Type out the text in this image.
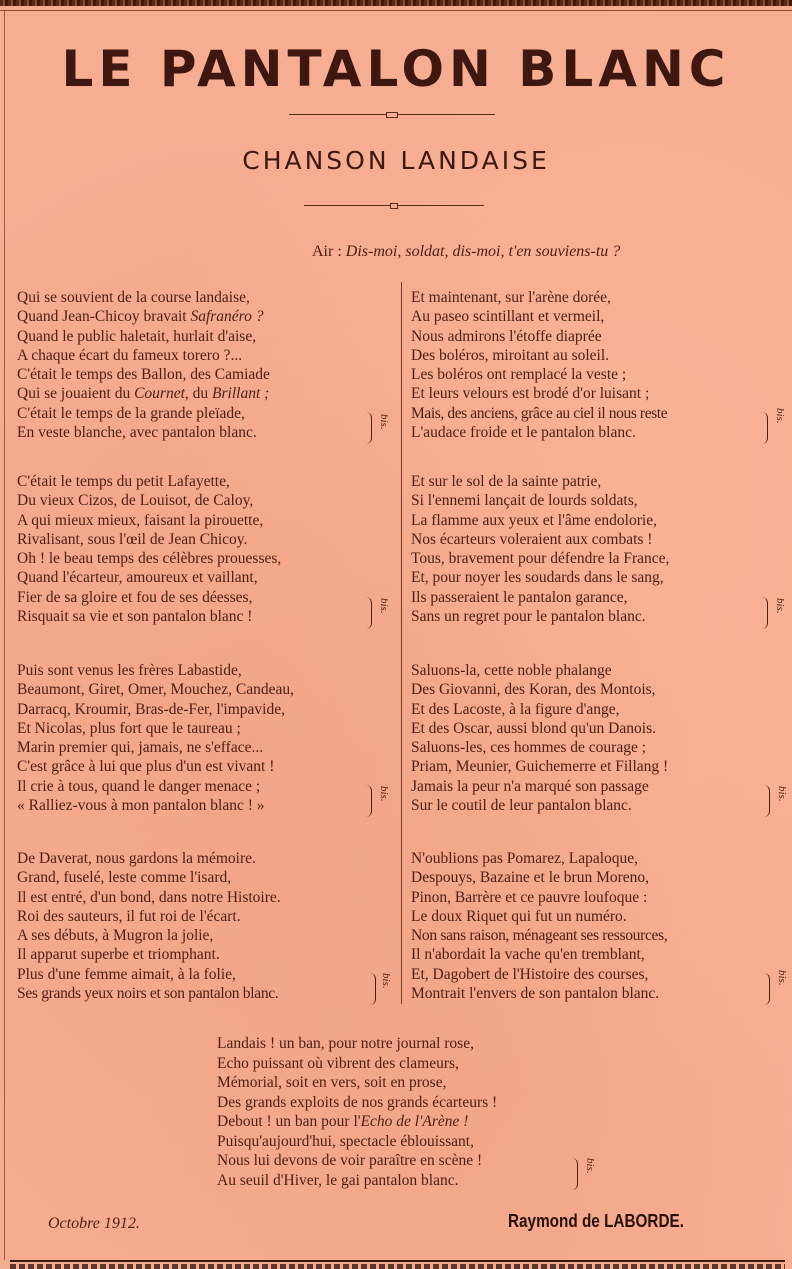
LE PANTALON BLANC
CHANSON LANDAISE
Air : Dis-moi, soldat, dis-moi, t'en souviens-tu ?
Qui se souvient de la course landaise,
Quand Jean-Chicoy bravait Safranéro ?
Quand le public haletait, hurlait d'aise,
A chaque écart du fameux torero ?...
C'était le temps des Ballon, des Camiade
Qui se jouaient du Cournet, du Brillant ;
C'était le temps de la grande pleïade,
En veste blanche, avec pantalon blanc.
bis.
C'était le temps du petit Lafayette,
Du vieux Cizos, de Louisot, de Caloy,
A qui mieux mieux, faisant la pirouette,
Rivalisant, sous l'œil de Jean Chicoy.
Oh ! le beau temps des célèbres prouesses,
Quand l'écarteur, amoureux et vaillant,
Fier de sa gloire et fou de ses déesses,
Risquait sa vie et son pantalon blanc !
bis.
Puis sont venus les frères Labastide,
Beaumont, Giret, Omer, Mouchez, Candeau,
Darracq, Kroumir, Bras-de-Fer, l'impavide,
Et Nicolas, plus fort que le taureau ;
Marin premier qui, jamais, ne s'efface...
C'est grâce à lui que plus d'un est vivant !
Il crie à tous, quand le danger menace ;
« Ralliez-vous à mon pantalon blanc ! »
bis.
De Daverat, nous gardons la mémoire.
Grand, fuselé, leste comme l'isard,
Il est entré, d'un bond, dans notre Histoire.
Roi des sauteurs, il fut roi de l'écart.
A ses débuts, à Mugron la jolie,
Il apparut superbe et triomphant.
Plus d'une femme aimait, à la folie,
Ses grands yeux noirs et son pantalon blanc.
bis.
Et maintenant, sur l'arène dorée,
Au paseo scintillant et vermeil,
Nous admirons l'étoffe diaprée
Des boléros, miroitant au soleil.
Les boléros ont remplacé la veste ;
Et leurs velours est brodé d'or luisant ;
Mais, des anciens, grâce au ciel il nous reste
L'audace froide et le pantalon blanc.
bis.
Et sur le sol de la sainte patrie,
Si l'ennemi lançait de lourds soldats,
La flamme aux yeux et l'âme endolorie,
Nos écarteurs voleraient aux combats !
Tous, bravement pour défendre la France,
Et, pour noyer les soudards dans le sang,
Ils passeraient le pantalon garance,
Sans un regret pour le pantalon blanc.
bis.
Saluons-la, cette noble phalange
Des Giovanni, des Koran, des Montois,
Et des Lacoste, à la figure d'ange,
Et des Oscar, aussi blond qu'un Danois.
Saluons-les, ces hommes de courage ;
Priam, Meunier, Guichemerre et Fillang !
Jamais la peur n'a marqué son passage
Sur le coutil de leur pantalon blanc.
bis.
N'oublions pas Pomarez, Lapaloque,
Despouys, Bazaine et le brun Moreno,
Pinon, Barrère et ce pauvre loufoque :
Le doux Riquet qui fut un numéro.
Non sans raison, ménageant ses ressources,
Il n'abordait la vache qu'en tremblant,
Et, Dagobert de l'Histoire des courses,
Montrait l'envers de son pantalon blanc.
bis.
Landais ! un ban, pour notre journal rose,
Echo puissant où vibrent des clameurs,
Mémorial, soit en vers, soit en prose,
Des grands exploits de nos grands écarteurs !
Debout ! un ban pour l'Echo de l'Arène !
Puisqu'aujourd'hui, spectacle éblouissant,
Nous lui devons de voir paraître en scène !
Au seuil d'Hiver, le gai pantalon blanc.
bis.
Octobre 1912.	Raymond de LABORDE.
